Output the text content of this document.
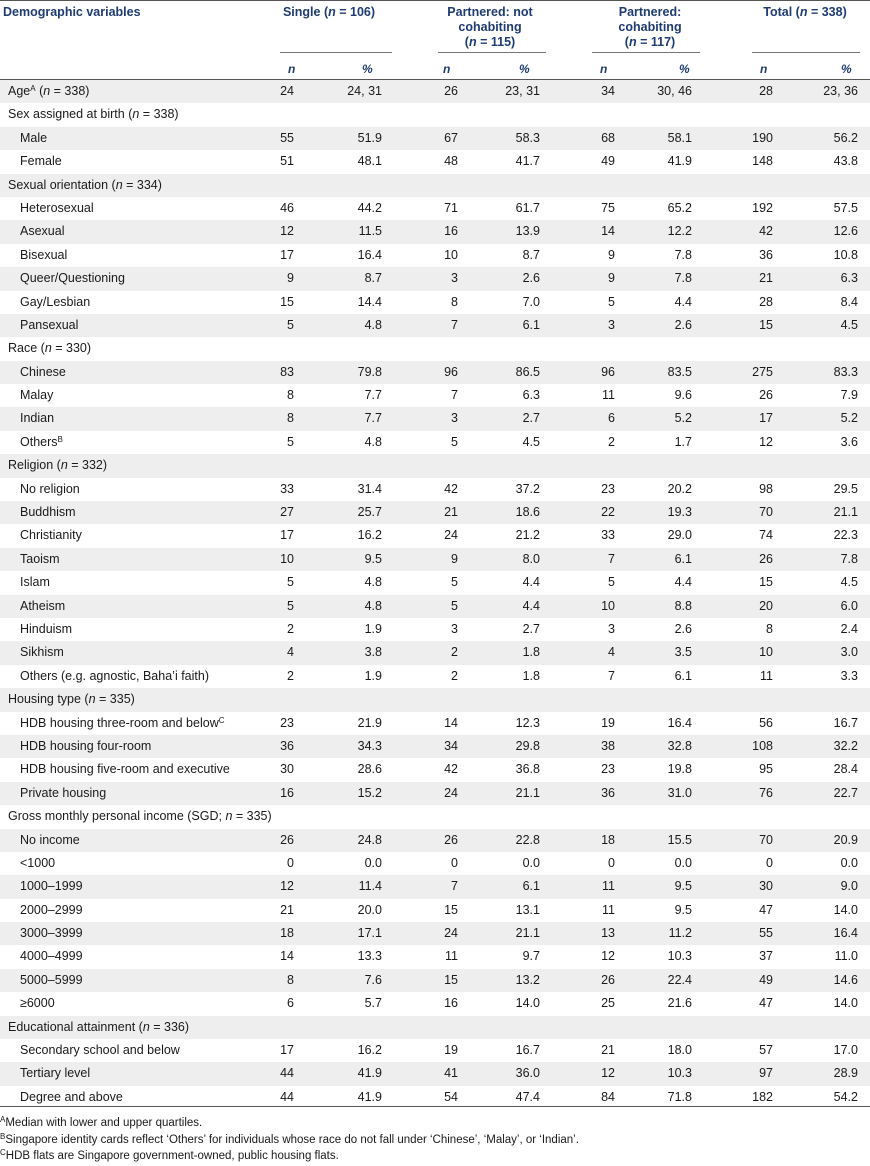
Demographic variables	Single (n = 106)	Partnered: not
cohabiting
(n = 115)
Partnered:
cohabiting
(n = 117)
Total (n = 338)
n	%	n	%	n	%	n	%
Age$^A$ (n = 338)	24	24, 31	26	23, 31	34	30, 46	28	23, 36
Sex assigned at birth (n = 338)
Male	55	51.9	67	58.3	68	58.1	190	56.2
Female	51	48.1	48	41.7	49	41.9	148	43.8
Sexual orientation (n = 334)
Heterosexual	46	44.2	71	61.7	75	65.2	192	57.5
Asexual	12	11.5	16	13.9	14	12.2	42	12.6
Bisexual	17	16.4	10	8.7	9	7.8	36	10.8
Queer/Questioning	9	8.7	3	2.6	9	7.8	21	6.3
Gay/Lesbian	15	14.4	8	7.0	5	4.4	28	8.4
Pansexual	5	4.8	7	6.1	3	2.6	15	4.5
Race (n = 330)
Chinese	83	79.8	96	86.5	96	83.5	275	83.3
Malay	8	7.7	7	6.3	11	9.6	26	7.9
Indian	8	7.7	3	2.7	6	5.2	17	5.2
Others$^B$	5	4.8	5	4.5	2	1.7	12	3.6
Religion (n = 332)
No religion	33	31.4	42	37.2	23	20.2	98	29.5
Buddhism	27	25.7	21	18.6	22	19.3	70	21.1
Christianity	17	16.2	24	21.2	33	29.0	74	22.3
Taoism	10	9.5	9	8.0	7	6.1	26	7.8
Islam	5	4.8	5	4.4	5	4.4	15	4.5
Atheism	5	4.8	5	4.4	10	8.8	20	6.0
Hinduism	2	1.9	3	2.7	3	2.6	8	2.4
Sikhism	4	3.8	2	1.8	4	3.5	10	3.0
Others (e.g. agnostic, Baha’i faith)	2	1.9	2	1.8	7	6.1	11	3.3
Housing type (n = 335)
HDB housing three-room and below$^C$	23	21.9	14	12.3	19	16.4	56	16.7
HDB housing four-room	36	34.3	34	29.8	38	32.8	108	32.2
HDB housing five-room and executive	30	28.6	42	36.8	23	19.8	95	28.4
Private housing	16	15.2	24	21.1	36	31.0	76	22.7
Gross monthly personal income (SGD; n = 335)
No income	26	24.8	26	22.8	18	15.5	70	20.9
<1000	0	0.0	0	0.0	0	0.0	0	0.0
1000–1999	12	11.4	7	6.1	11	9.5	30	9.0
2000–2999	21	20.0	15	13.1	11	9.5	47	14.0
3000–3999	18	17.1	24	21.1	13	11.2	55	16.4
4000–4999	14	13.3	11	9.7	12	10.3	37	11.0
5000–5999	8	7.6	15	13.2	26	22.4	49	14.6
≥6000	6	5.7	16	14.0	25	21.6	47	14.0
Educational attainment (n = 336)
Secondary school and below	17	16.2	19	16.7	21	18.0	57	17.0
Tertiary level	44	41.9	41	36.0	12	10.3	97	28.9
Degree and above	44	41.9	54	47.4	84	71.8	182	54.2
$^A$Median with lower and upper quartiles.
$^B$Singapore identity cards reflect ‘Others’ for individuals whose race do not fall under ‘Chinese’, ‘Malay’, or ‘Indian’.
$^C$HDB flats are Singapore government-owned, public housing flats.
